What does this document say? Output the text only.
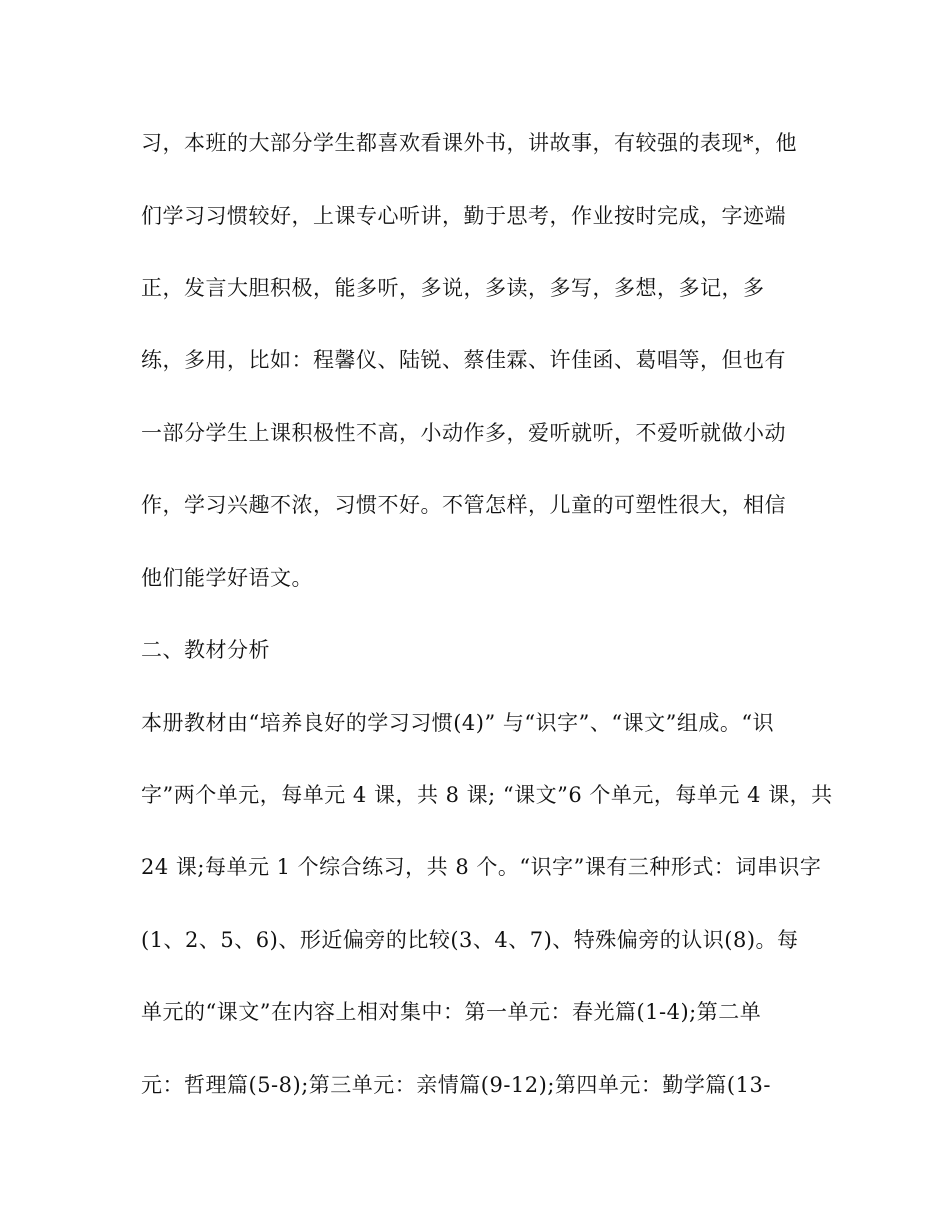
习，本班的大部分学生都喜欢看课外书，讲故事，有较强的表现*，他
们学习习惯较好，上课专心听讲，勤于思考，作业按时完成，字迹端
正，发言大胆积极，能多听，多说，多读，多写，多想，多记，多
练，多用，比如：程馨仪、陆锐、蔡佳霖、许佳函、葛唱等，但也有
一部分学生上课积极性不高，小动作多，爱听就听，不爱听就做小动
作，学习兴趣不浓，习惯不好。不管怎样，儿童的可塑性很大，相信
他们能学好语文。
二、教材分析
本册教材由“培养良好的学习习惯(4)” 与“识字”、“课文”组成。“识
字”两个单元，每单元 4 课，共 8 课; “课文”6 个单元，每单元 4 课，共
24 课;每单元 1 个综合练习，共 8 个。“识字”课有三种形式：词串识字
(1、2、5、6)、形近偏旁的比较(3、4、7)、特殊偏旁的认识(8)。每
单元的“课文”在内容上相对集中：第一单元：春光篇(1-4);第二单
元：哲理篇(5-8);第三单元：亲情篇(9-12);第四单元：勤学篇(13-
